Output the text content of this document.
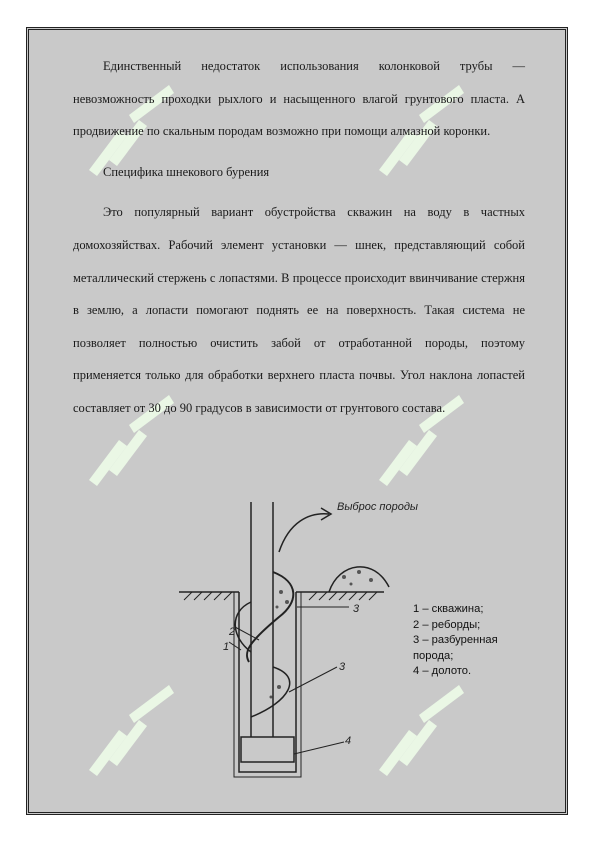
Единственный недостаток использования колонковой трубы — невозможность проходки рыхлого и насыщенного влагой грунтового пласта. А продвижение по скальным породам возможно при помощи алмазной коронки.

Специфика шнекового бурения

Это популярный вариант обустройства скважин на воду в частных домохозяйствах. Рабочий элемент установки — шнек, представляющий собой металлический стержень с лопастями. В процессе происходит ввинчивание стержня в землю, а лопасти помогают поднять ее на поверхность. Такая система не позволяет полностью очистить забой от отработанной породы, поэтому применяется только для обработки верхнего пласта почвы. Угол наклона лопастей составляет от 30 до 90 градусов в зависимости от грунтового состава.

Выброс породы
1
2
3
3
4
1 – скважина;
2 – реборды;
3 – разбуренная
порода;
4 – долото.
